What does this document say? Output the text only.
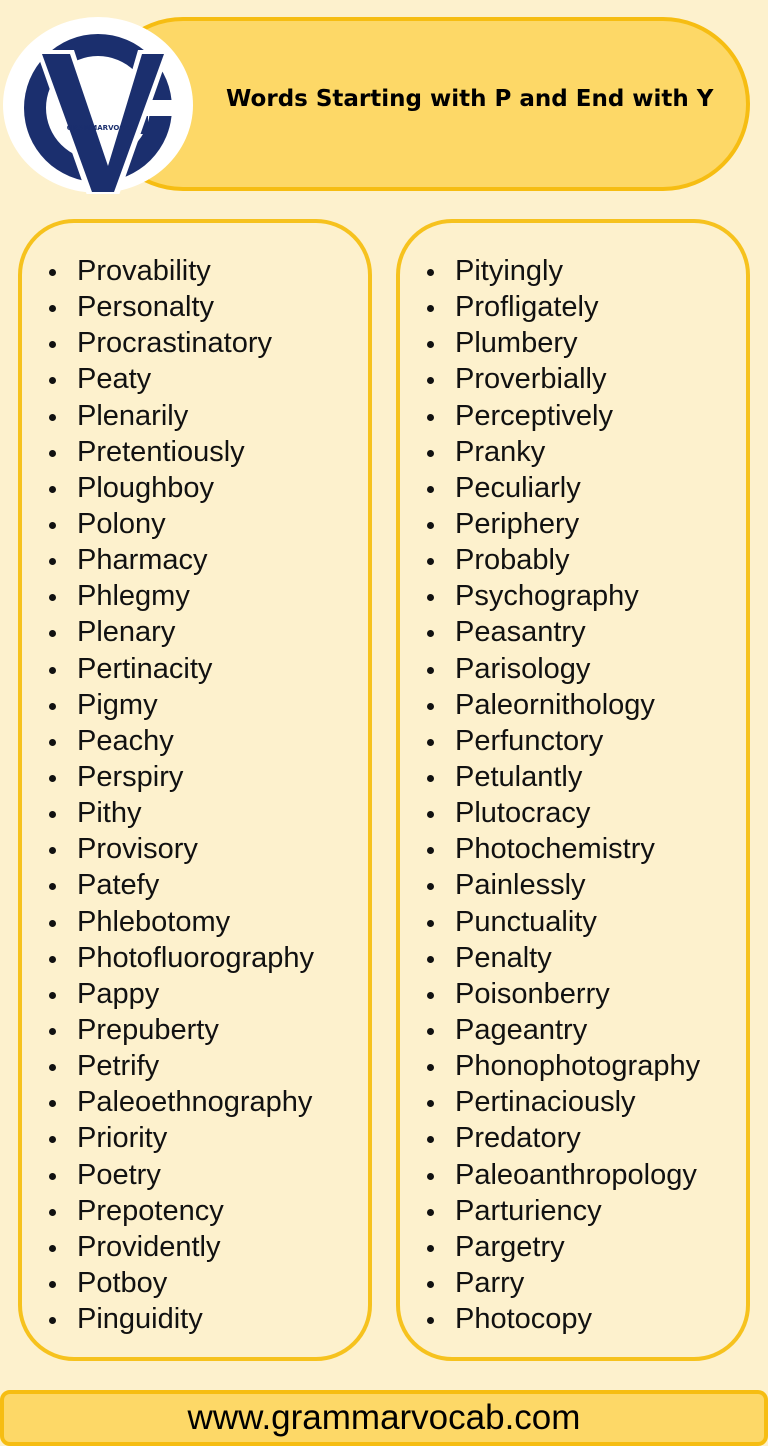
GRAMMARVOCAB
Words Starting with P and End with Y
Provability
Personalty
Procrastinatory
Peaty
Plenarily
Pretentiously
Ploughboy
Polony
Pharmacy
Phlegmy
Plenary
Pertinacity
Pigmy
Peachy
Perspiry
Pithy
Provisory
Patefy
Phlebotomy
Photofluorography
Pappy
Prepuberty
Petrify
Paleoethnography
Priority
Poetry
Prepotency
Providently
Potboy
Pinguidity
Pityingly
Profligately
Plumbery
Proverbially
Perceptively
Pranky
Peculiarly
Periphery
Probably
Psychography
Peasantry
Parisology
Paleornithology
Perfunctory
Petulantly
Plutocracy
Photochemistry
Painlessly
Punctuality
Penalty
Poisonberry
Pageantry
Phonophotography
Pertinaciously
Predatory
Paleoanthropology
Parturiency
Pargetry
Parry
Photocopy
www.grammarvocab.com
